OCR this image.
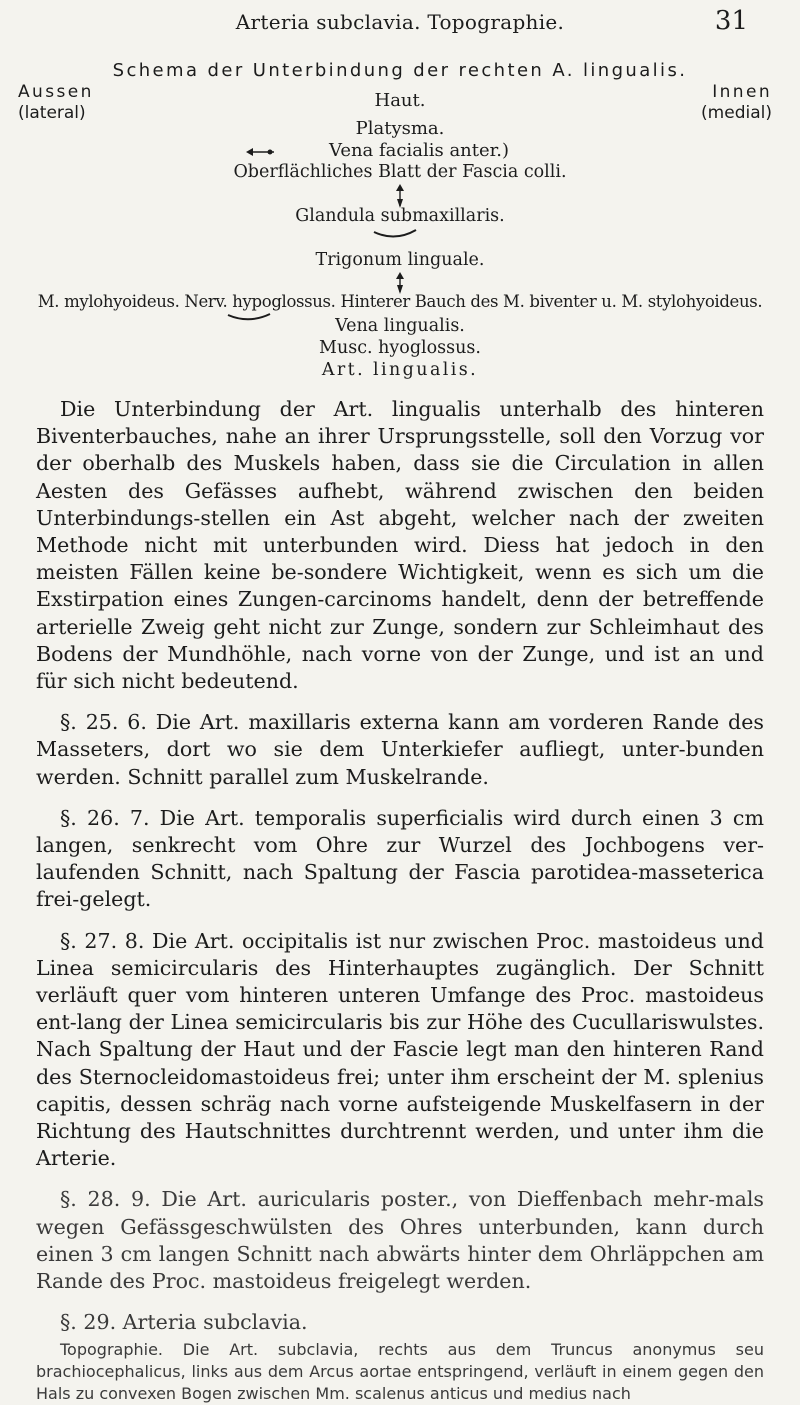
Arteria subclavia. Topographie.	31
Schema der Unterbindung der rechten A. lingualis.
Aussen
(lateral)
Innen
(medial)
Haut.
Platysma.
Vena facialis anter.)
Oberflächliches Blatt der Fascia colli.
Glandula submaxillaris.
Trigonum linguale.
M. mylohyoideus. Nerv. hypoglossus. Hinterer Bauch des M. biventer u. M. stylohyoideus.
Vena lingualis.
Musc. hyoglossus.
Art. lingualis.

Die Unterbindung der Art. lingualis unterhalb des hinteren Biventerbauches, nahe an ihrer Ursprungsstelle, soll den Vorzug vor der oberhalb des Muskels haben, dass sie die Circulation in allen Aesten des Gefässes aufhebt, während zwischen den beiden Unterbindungs-stellen ein Ast abgeht, welcher nach der zweiten Methode nicht mit unterbunden wird. Diess hat jedoch in den meisten Fällen keine be-sondere Wichtigkeit, wenn es sich um die Exstirpation eines Zungen-carcinoms handelt, denn der betreffende arterielle Zweig geht nicht zur Zunge, sondern zur Schleimhaut des Bodens der Mundhöhle, nach vorne von der Zunge, und ist an und für sich nicht bedeutend.

§. 25. 6. Die Art. maxillaris externa kann am vorderen Rande des Masseters, dort wo sie dem Unterkiefer aufliegt, unter-bunden werden. Schnitt parallel zum Muskelrande.

§. 26. 7. Die Art. temporalis superficialis wird durch einen 3 cm langen, senkrecht vom Ohre zur Wurzel des Jochbogens ver-laufenden Schnitt, nach Spaltung der Fascia parotidea-masseterica frei-gelegt.

§. 27. 8. Die Art. occipitalis ist nur zwischen Proc. mastoideus und Linea semicircularis des Hinterhauptes zugänglich. Der Schnitt verläuft quer vom hinteren unteren Umfange des Proc. mastoideus ent-lang der Linea semicircularis bis zur Höhe des Cucullariswulstes. Nach Spaltung der Haut und der Fascie legt man den hinteren Rand des Sternocleidomastoideus frei; unter ihm erscheint der M. splenius capitis, dessen schräg nach vorne aufsteigende Muskelfasern in der Richtung des Hautschnittes durchtrennt werden, und unter ihm die Arterie.

§. 28. 9. Die Art. auricularis poster., von Dieffenbach mehr-mals wegen Gefässgeschwülsten des Ohres unterbunden, kann durch einen 3 cm langen Schnitt nach abwärts hinter dem Ohrläppchen am Rande des Proc. mastoideus freigelegt werden.

§. 29. Arteria subclavia.

Topographie. Die Art. subclavia, rechts aus dem Truncus anonymus seu brachiocephalicus, links aus dem Arcus aortae entspringend, verläuft in einem gegen den Hals zu convexen Bogen zwischen Mm. scalenus anticus und medius nach
